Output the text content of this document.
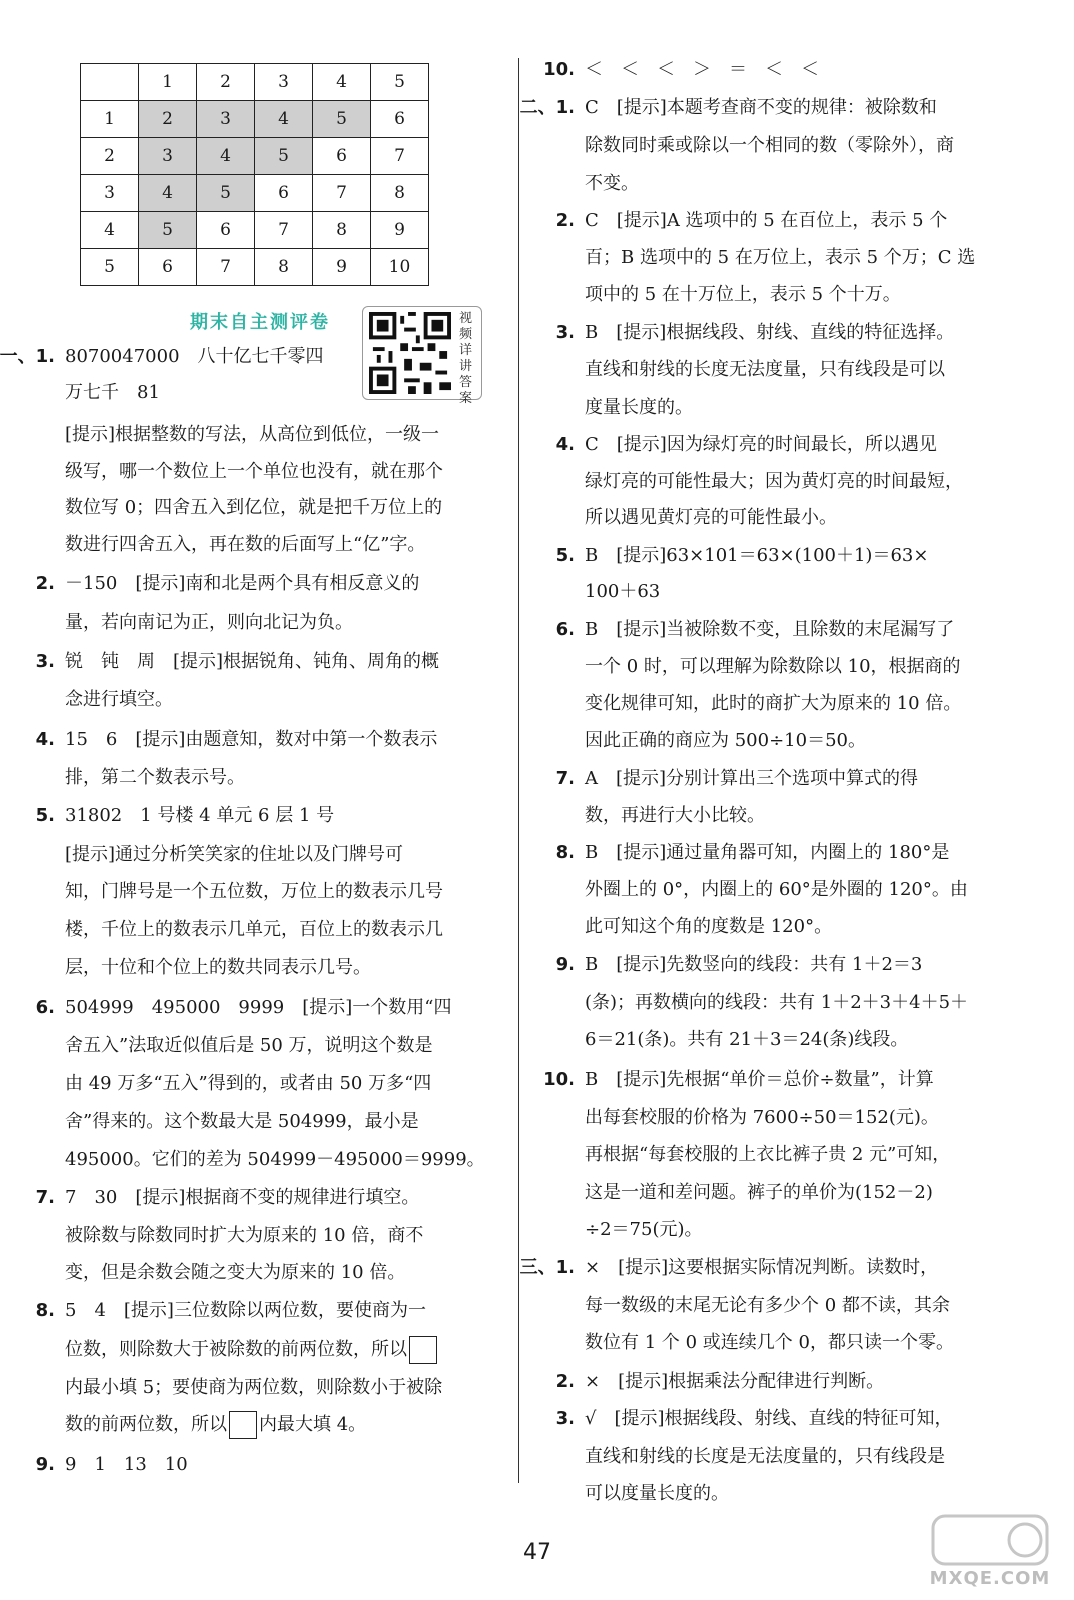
	1	2	3	4	5
1	2	3	4	5	6
2	3	4	5	6	7
3	4	5	6	7	8
4	5	6	7	8	9
5	6	7	8	9	10
期末自主测评卷	视频详讲答案
一、1. 8070047000　八十亿七千零四
万七千　81
[提示]根据整数的写法，从高位到低位，一级一
级写，哪一个数位上一个单位也没有，就在那个
数位写 0；四舍五入到亿位，就是把千万位上的
数进行四舍五入，再在数的后面写上“亿”字。
2. －150　[提示]南和北是两个具有相反意义的
量，若向南记为正，则向北记为负。
3. 锐　钝　周　[提示]根据锐角、钝角、周角的概
念进行填空。
4. 15　6　[提示]由题意知，数对中第一个数表示
排，第二个数表示号。
5. 31802　1 号楼 4 单元 6 层 1 号
[提示]通过分析笑笑家的住址以及门牌号可
知，门牌号是一个五位数，万位上的数表示几号
楼，千位上的数表示几单元，百位上的数表示几
层，十位和个位上的数共同表示几号。
6. 504999　495000　9999　[提示]一个数用“四
舍五入”法取近似值后是 50 万，说明这个数是
由 49 万多“五入”得到的，或者由 50 万多“四
舍”得来的。这个数最大是 504999，最小是
495000。它们的差为 504999－495000＝9999。
7. 7　30　[提示]根据商不变的规律进行填空。
被除数与除数同时扩大为原来的 10 倍，商不
变，但是余数会随之变大为原来的 10 倍。
8. 5　4　[提示]三位数除以两位数，要使商为一
位数，则除数大于被除数的前两位数，所以
内最小填 5；要使商为两位数，则除数小于被除
数的前两位数，所以 内最大填 4。
9. 9　1　13　10
10. ＜　＜　＜　＞　＝　＜　＜
二、1. C　[提示]本题考查商不变的规律：被除数和
除数同时乘或除以一个相同的数（零除外），商
不变。
2. C　[提示]A 选项中的 5 在百位上，表示 5 个
百；B 选项中的 5 在万位上，表示 5 个万；C 选
项中的 5 在十万位上，表示 5 个十万。
3. B　[提示]根据线段、射线、直线的特征选择。
直线和射线的长度无法度量，只有线段是可以
度量长度的。
4. C　[提示]因为绿灯亮的时间最长，所以遇见
绿灯亮的可能性最大；因为黄灯亮的时间最短，
所以遇见黄灯亮的可能性最小。
5. B　[提示]63×101＝63×(100＋1)＝63×
100＋63
6. B　[提示]当被除数不变，且除数的末尾漏写了
一个 0 时，可以理解为除数除以 10，根据商的
变化规律可知，此时的商扩大为原来的 10 倍。
因此正确的商应为 500÷10＝50。
7. A　[提示]分别计算出三个选项中算式的得
数，再进行大小比较。
8. B　[提示]通过量角器可知，内圈上的 180°是
外圈上的 0°，内圈上的 60°是外圈的 120°。由
此可知这个角的度数是 120°。
9. B　[提示]先数竖向的线段：共有 1＋2＝3
(条)；再数横向的线段：共有 1＋2＋3＋4＋5＋
6＝21(条)。共有 21＋3＝24(条)线段。
10. B　[提示]先根据“单价＝总价÷数量”，计算
出每套校服的价格为 7600÷50＝152(元)。
再根据“每套校服的上衣比裤子贵 2 元”可知，
这是一道和差问题。裤子的单价为(152－2)
÷2＝75(元)。
三、1. ×　[提示]这要根据实际情况判断。读数时，
每一数级的末尾无论有多少个 0 都不读，其余
数位有 1 个 0 或连续几个 0，都只读一个零。
2. ×　[提示]根据乘法分配律进行判断。
3. √　[提示]根据线段、射线、直线的特征可知，
直线和射线的长度是无法度量的，只有线段是
可以度量长度的。
47
MXQE.COM
